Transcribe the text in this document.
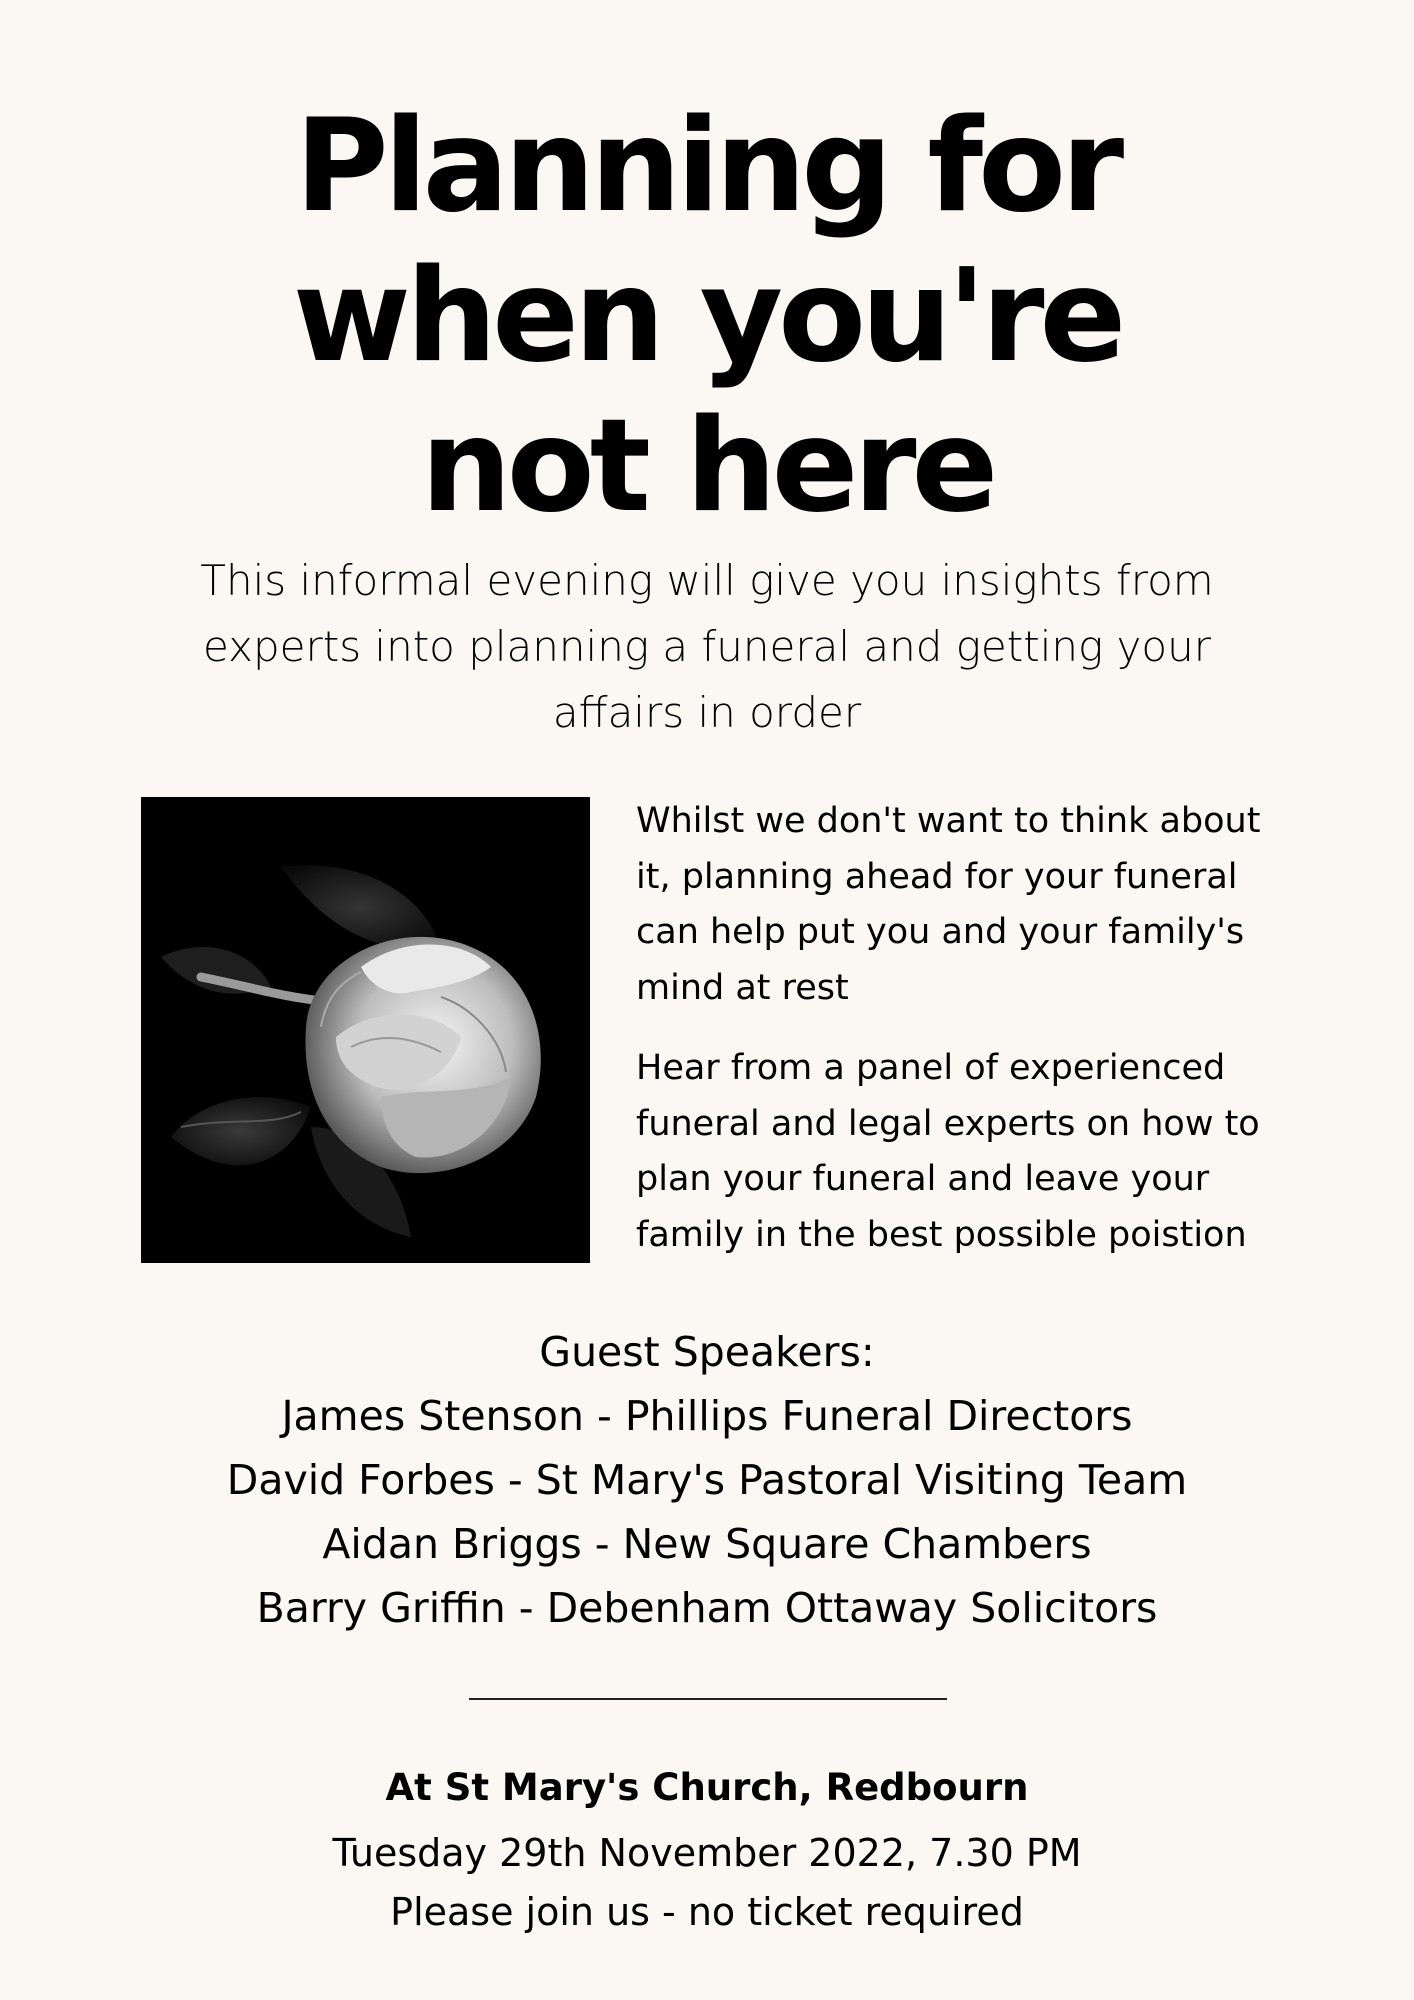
Planning for
when you're
not here
This informal evening will give you insights from
experts into planning a funeral and getting your
affairs in order

Whilst we don't want to think about
it, planning ahead for your funeral
can help put you and your family's
mind at rest

Hear from a panel of experienced
funeral and legal experts on how to
plan your funeral and leave your
family in the best possible poistion

Guest Speakers:
James Stenson - Phillips Funeral Directors
David Forbes - St Mary's Pastoral Visiting Team
Aidan Briggs - New Square Chambers
Barry Griffin - Debenham Ottaway Solicitors
At St Mary's Church, Redbourn
Tuesday 29th November 2022, 7.30 PM
Please join us - no ticket required
